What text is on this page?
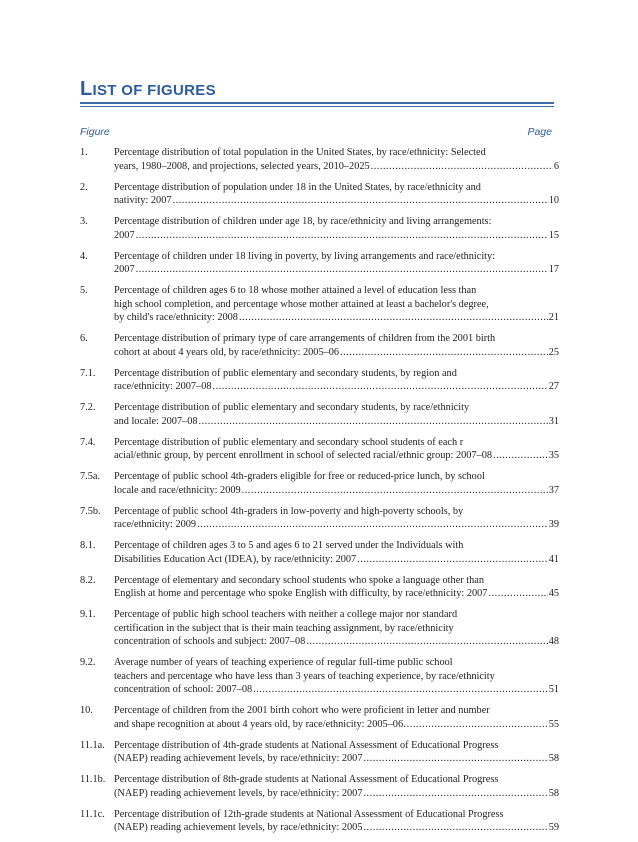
LIST OF FIGURES
Figure	Page
1.	Percentage distribution of total population in the United States, by race/ethnicity: Selected
years, 1980–2008, and projections, selected years, 2010–2025 .....	6
2.	Percentage distribution of population under 18 in the United States, by race/ethnicity and
nativity: 2007 .....	10
3.	Percentage distribution of children under age 18, by race/ethnicity and living arrangements:
2007 .....	15
4.	Percentage of children under 18 living in poverty, by living arrangements and race/ethnicity:
2007 .....	17
5.	Percentage of children ages 6 to 18 whose mother attained a level of education less than
high school completion, and percentage whose mother attained at least a bachelor's degree,
by child's race/ethnicity: 2008 .....	21
6.	Percentage distribution of primary type of care arrangements of children from the 2001 birth
cohort at about 4 years old, by race/ethnicity: 2005–06 .....	25
7.1.	Percentage distribution of public elementary and secondary students, by region and
race/ethnicity: 2007–08 .....	27
7.2.	Percentage distribution of public elementary and secondary students, by race/ethnicity
and locale: 2007–08 .....	31
7.4.	Percentage distribution of public elementary and secondary school students of each r
acial/ethnic group, by percent enrollment in school of selected racial/ethnic group: 2007–08 .....	35
7.5a.	Percentage of public school 4th-graders eligible for free or reduced-price lunch, by school
locale and race/ethnicity: 2009 .....	37
7.5b.	Percentage of public school 4th-graders in low-poverty and high-poverty schools, by
race/ethnicity: 2009 .....	39
8.1.	Percentage of children ages 3 to 5 and ages 6 to 21 served under the Individuals with
Disabilities Education Act (IDEA), by race/ethnicity: 2007 .....	41
8.2.	Percentage of elementary and secondary school students who spoke a language other than
English at home and percentage who spoke English with difficulty, by race/ethnicity: 2007 .....	45
9.1.	Percentage of public high school teachers with neither a college major nor standard
certification in the subject that is their main teaching assignment, by race/ethnicity
concentration of schools and subject: 2007–08 .....	48
9.2.	Average number of years of teaching experience of regular full-time public school
teachers and percentage who have less than 3 years of teaching experience, by race/ethnicity
concentration of school: 2007–08 .....	51
10.	Percentage of children from the 2001 birth cohort who were proficient in letter and number
and shape recognition at about 4 years old, by race/ethnicity: 2005–06. .....	55
11.1a. Percentage distribution of 4th-grade students at National Assessment of Educational Progress
(NAEP) reading achievement levels, by race/ethnicity: 2007 .....	58
11.1b. Percentage distribution of 8th-grade students at National Assessment of Educational Progress
(NAEP) reading achievement levels, by race/ethnicity: 2007 .....	58
11.1c. Percentage distribution of 12th-grade students at National Assessment of Educational Progress
(NAEP) reading achievement levels, by race/ethnicity: 2005 .....	59
